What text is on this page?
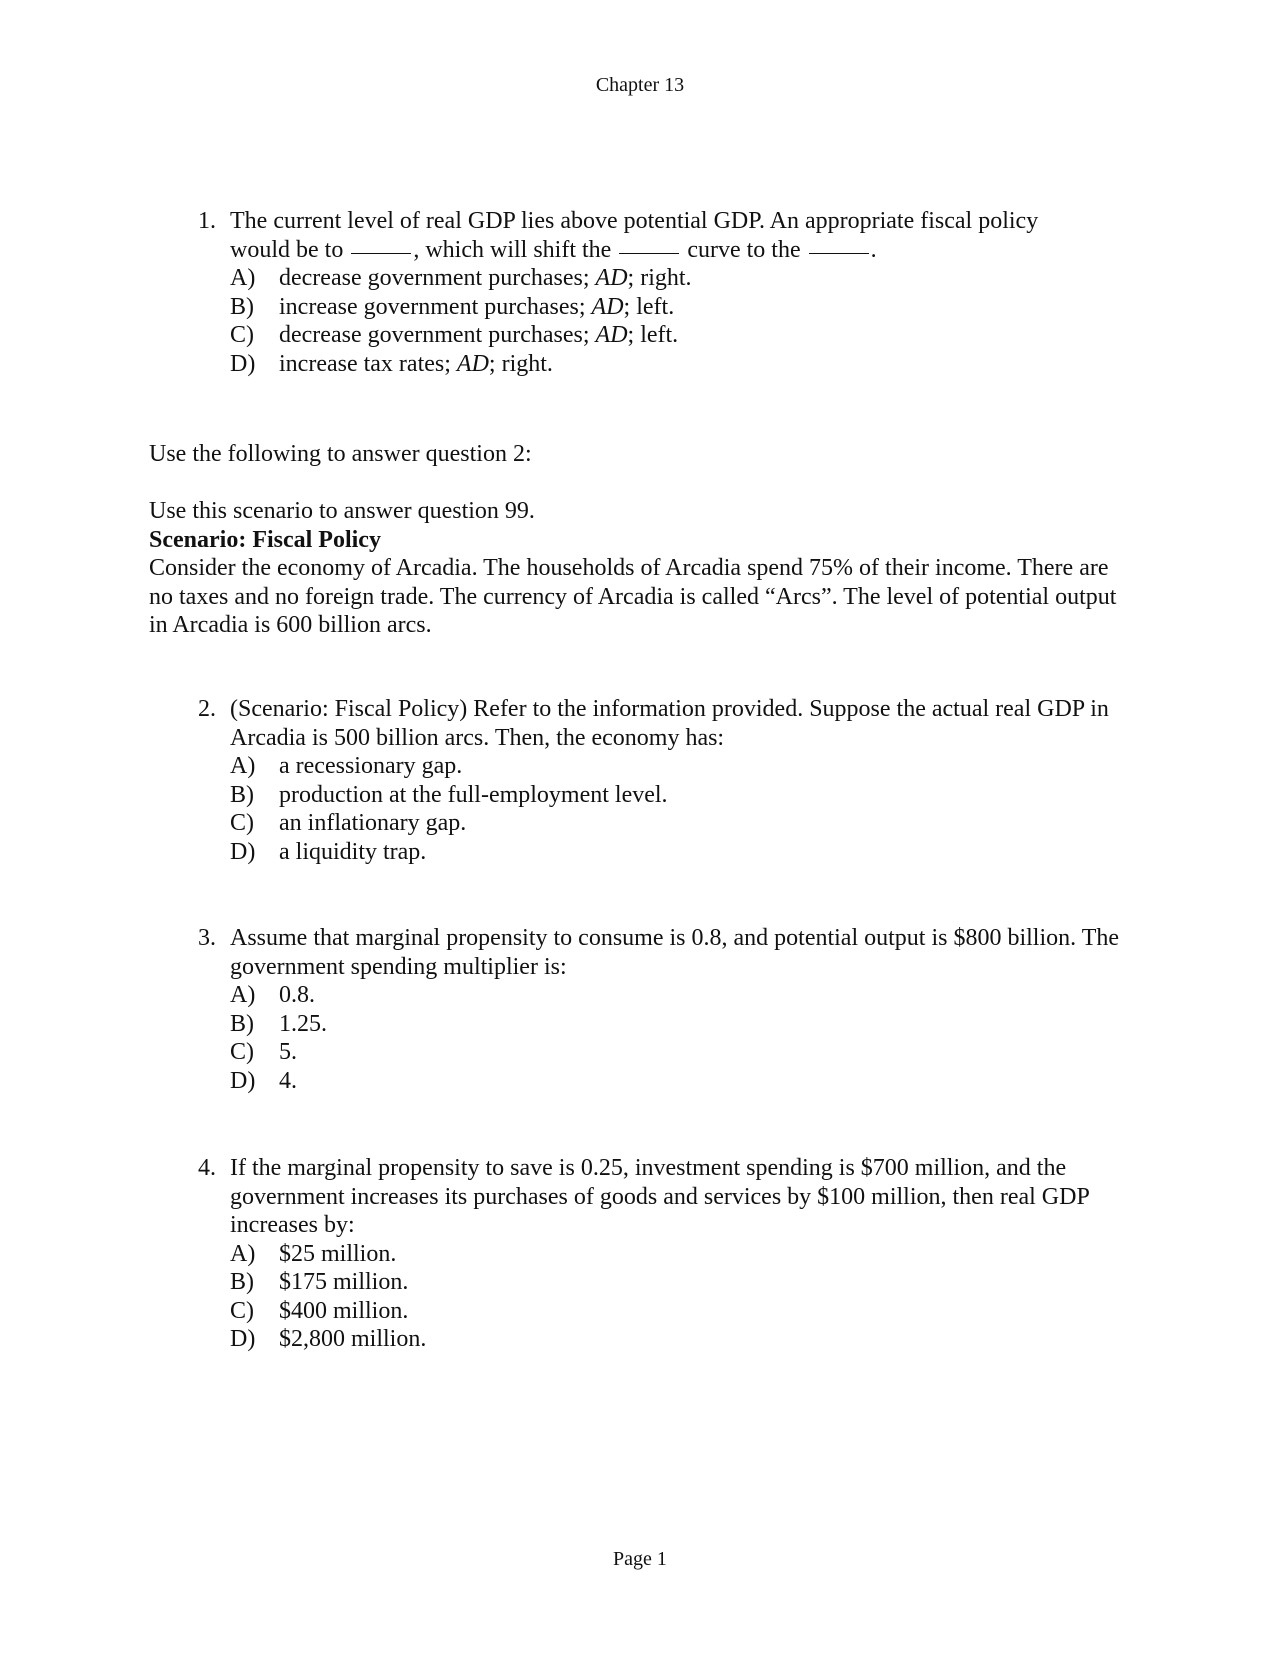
Chapter 13
1. The current level of real GDP lies above potential GDP. An appropriate fiscal policy
would be to	, which will shift the	curve to the	.
A) decrease government purchases; AD; right.
B)	increase government purchases; AD; left.
C)	decrease government purchases; AD; left.
D) increase tax rates; AD; right.
Use the following to answer question 2:
Use this scenario to answer question 99.
Scenario: Fiscal Policy
Consider the economy of Arcadia. The households of Arcadia spend 75% of their income. There are no taxes and no foreign trade. The currency of Arcadia is called “Arcs”. The level of potential output in Arcadia is 600 billion arcs.
2. (Scenario: Fiscal Policy) Refer to the information provided. Suppose the actual real GDP in Arcadia is 500 billion arcs. Then, the economy has:
A) a recessionary gap.
B)	production at the full-employment level.
C)	an inflationary gap.
D) a liquidity trap.
3. Assume that marginal propensity to consume is 0.8, and potential output is $800 billion. The government spending multiplier is:
A) 0.8.
B)	1.25.
C)	5.
D) 4.
4. If the marginal propensity to save is 0.25, investment spending is $700 million, and the government increases its purchases of goods and services by $100 million, then real GDP increases by:
A) $25 million.
B)	$175 million.
C)	$400 million.
D) $2,800 million.
Page 1
